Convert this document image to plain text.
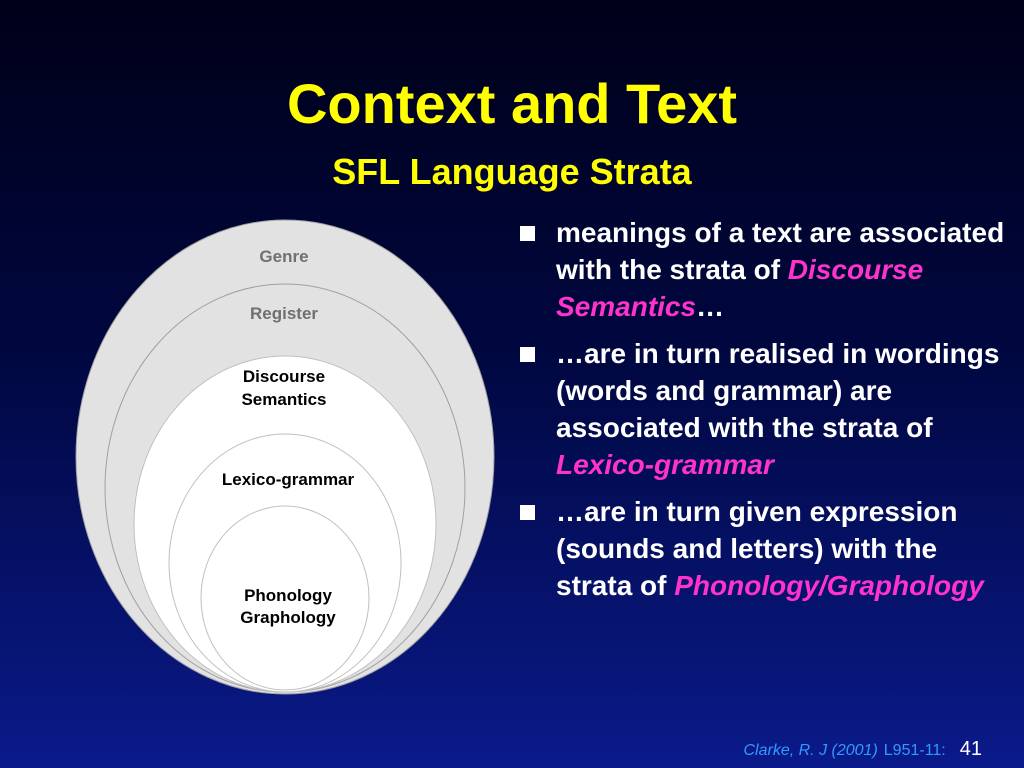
Context and Text
SFL Language Strata
Genre
Register
Discourse
Semantics
Lexico-grammar
Phonology
Graphology
meanings of a text are associated with the strata of Discourse Semantics…
…are in turn realised in wordings (words and grammar) are associated with the strata of Lexico-grammar
…are in turn given expression (sounds and letters) with the strata of Phonology/Graphology
Clarke, R. J (2001) L951-11: 41
